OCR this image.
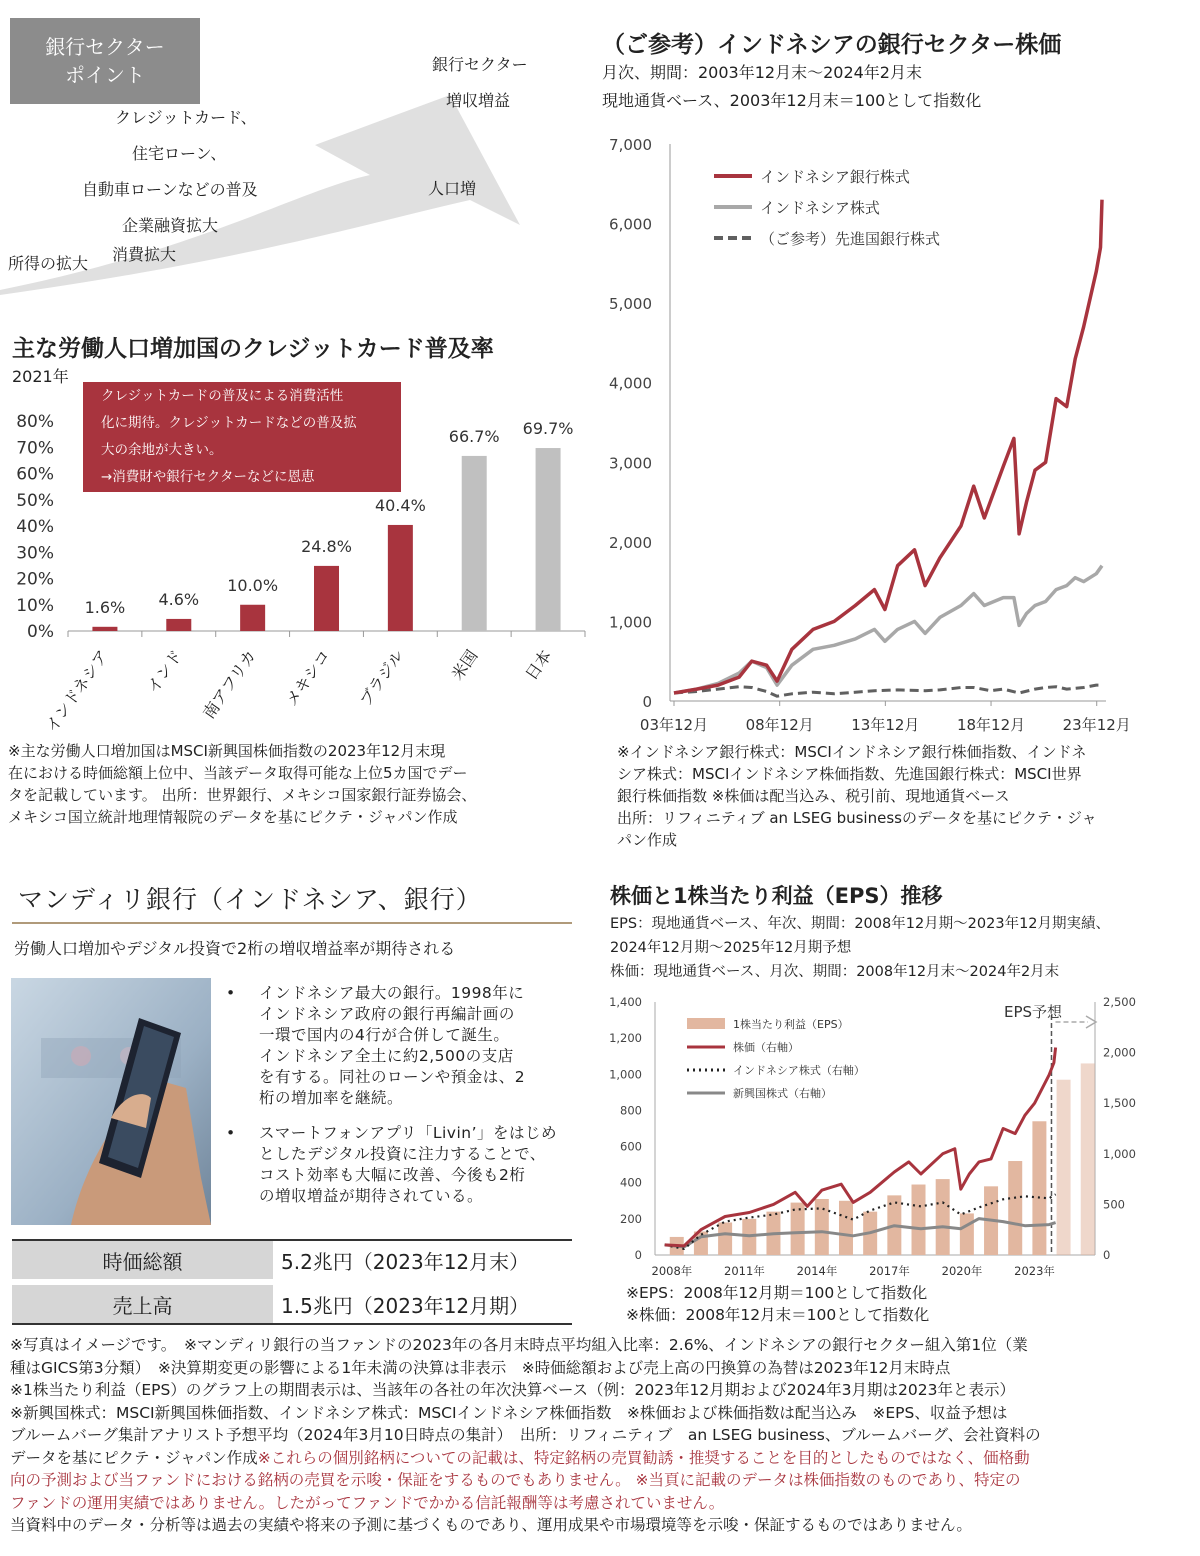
銀行セクター
ポイント
所得の拡大 消費拡大
クレジットカード、
住宅ローン、
自動車ローンなどの普及
企業融資拡大
人口増
銀行セクター
増収増益
主な労働人口増加国のクレジットカード普及率
2021年
0%
10%
20%
30%
40%
50%
60%
70%
80%
1.6%
インドネシア
4.6%
インド
10.0%
南アフリカ
24.8%
メキシコ
40.4%
ブラジル
66.7%
米国
69.7%
日本
クレジットカードの普及による消費活性
化に期待。クレジットカードなどの普及拡
大の余地が大きい。
→消費財や銀行セクターなどに恩恵
※主な労働人口増加国はMSCI新興国株価指数の2023年12月末現
在における時価総額上位中、当該データ取得可能な上位5カ国でデー
タを記載しています。 出所：世界銀行、メキシコ国家銀行証券協会、
メキシコ国立統計地理情報院のデータを基にピクテ・ジャパン作成
マンディリ銀行（インドネシア、銀行）
労働人口増加やデジタル投資で2桁の増収増益率が期待される
• インドネシア最大の銀行。1998年に
インドネシア政府の銀行再編計画の
一環で国内の4行が合併して誕生。
インドネシア全土に約2,500の支店
を有する。同社のローンや預金は、2
桁の増加率を継続。
• スマートフォンアプリ「Livin’」をはじめ
としたデジタル投資に注力することで、
コスト効率も大幅に改善、今後も2桁
の増収増益が期待されている。
時価総額	5.2兆円（2023年12月末）
売上高	1.5兆円（2023年12月期）
（ご参考）インドネシアの銀行セクター株価
月次、期間：2003年12月末～2024年2月末
現地通貨ベース、2003年12月末＝100として指数化
0
1,000
2,000
3,000
4,000
5,000
6,000
7,000
03年12月 08年12月 13年12月 18年12月 23年12月
インドネシア銀行株式
インドネシア株式
（ご参考）先進国銀行株式
※インドネシア銀行株式：MSCIインドネシア銀行株価指数、インドネ
シア株式：MSCIインドネシア株価指数、先進国銀行株式：MSCI世界
銀行株価指数 ※株価は配当込み、税引前、現地通貨ベース
出所：リフィニティブ an LSEG businessのデータを基にピクテ・ジャ
パン作成
株価と1株当たり利益（EPS）推移
EPS：現地通貨ベース、年次、期間：2008年12月期～2023年12月期実績、
2024年12月期～2025年12月期予想
株価：現地通貨ベース、月次、期間：2008年12月末～2024年2月末
0
200
400
600
800
1,000
1,200
1,400
0
500
1,000
1,500
2,000
2,500
EPS予想
2008年	2011年	2014年	2017年	2020年	2023年
1株当たり利益（EPS）
株価（右軸）
インドネシア株式（右軸）
新興国株式（右軸）
※EPS：2008年12月期＝100として指数化
※株価：2008年12月末＝100として指数化
※写真はイメージです。　※マンディリ銀行の当ファンドの2023年の各月末時点平均組入比率：2.6%、インドネシアの銀行セクター組入第1位（業
種はGICS第3分類）　※決算期変更の影響による1年未満の決算は非表示　※時価総額および売上高の円換算の為替は2023年12月末時点
※1株当たり利益（EPS）のグラフ上の期間表示は、当該年の各社の年次決算ベース（例：2023年12月期および2024年3月期は2023年と表示）
※新興国株式：MSCI新興国株価指数、インドネシア株式：MSCIインドネシア株価指数　※株価および株価指数は配当込み　※EPS、収益予想は
ブルームバーグ集計アナリスト予想平均（2024年3月10日時点の集計）　出所：リフィニティブ　an LSEG business、ブルームバーグ、会社資料の
データを基にピクテ・ジャパン作成※これらの個別銘柄についての記載は、特定銘柄の売買勧誘・推奨することを目的としたものではなく、価格動
向の予測および当ファンドにおける銘柄の売買を示唆・保証をするものでもありません。 ※当頁に記載のデータは株価指数のものであり、特定の
ファンドの運用実績ではありません。したがってファンドでかかる信託報酬等は考慮されていません。
当資料中のデータ・分析等は過去の実績や将来の予測に基づくものであり、運用成果や市場環境等を示唆・保証するものではありません。
